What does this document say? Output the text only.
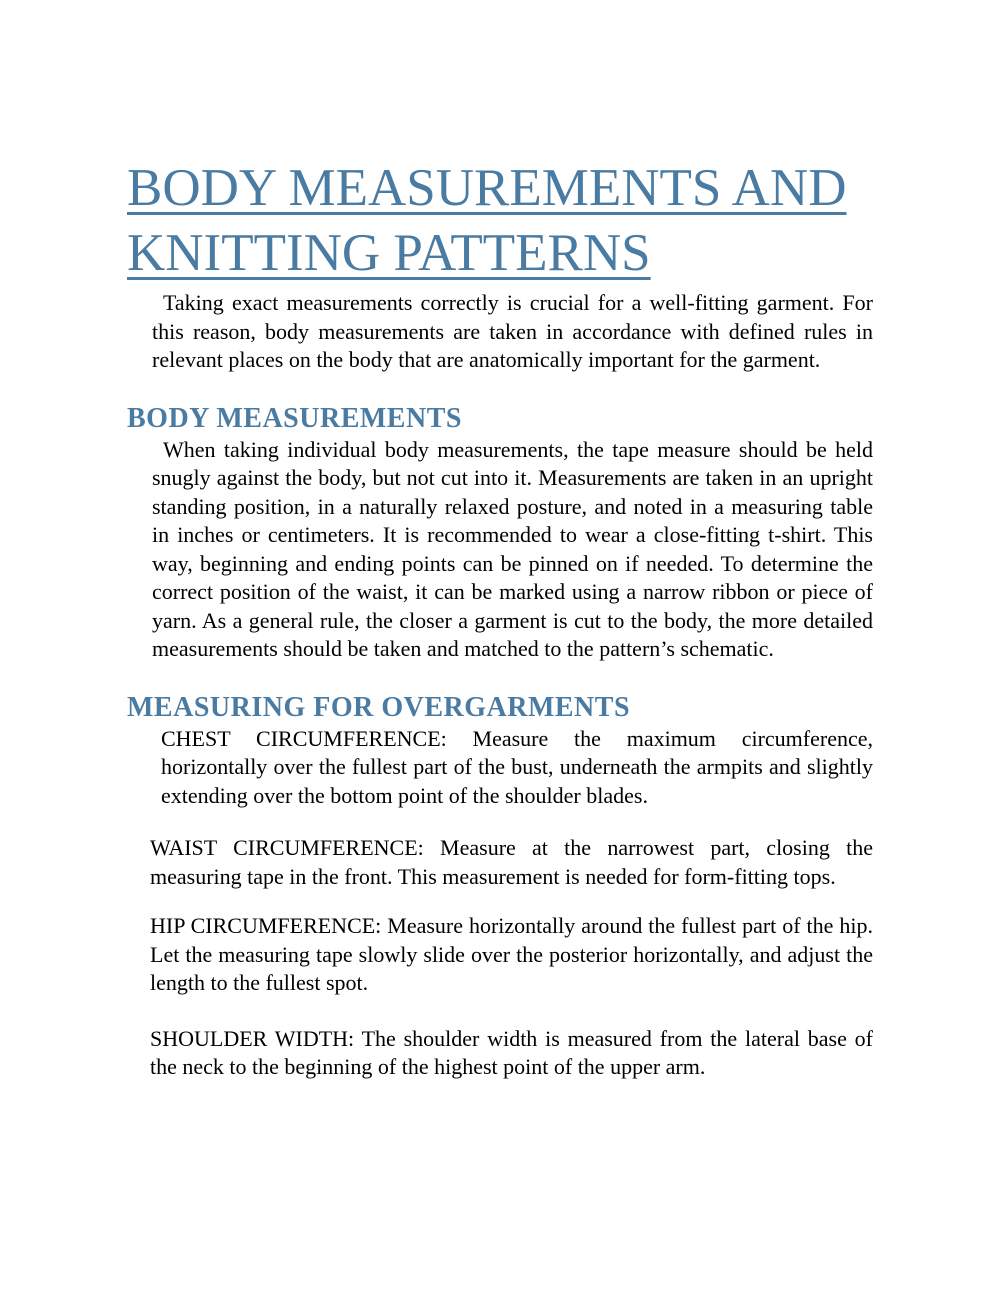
BODY MEASUREMENTS AND KNITTING PATTERNS

Taking exact measurements correctly is crucial for a well-fitting garment. For this reason, body measurements are taken in accordance with defined rules in relevant places on the body that are anatomically important for the garment.

BODY MEASUREMENTS

When taking individual body measurements, the tape measure should be held snugly against the body, but not cut into it. Measurements are taken in an upright standing position, in a naturally relaxed posture, and noted in a measuring table in inches or centimeters. It is recommended to wear a close-fitting t-shirt. This way, beginning and ending points can be pinned on if needed. To determine the correct position of the waist, it can be marked using a narrow ribbon or piece of yarn. As a general rule, the closer a garment is cut to the body, the more detailed measurements should be taken and matched to the pattern’s schematic.

MEASURING FOR OVERGARMENTS

CHEST CIRCUMFERENCE: Measure the maximum circumference, horizontally over the fullest part of the bust, underneath the armpits and slightly extending over the bottom point of the shoulder blades.

WAIST CIRCUMFERENCE: Measure at the narrowest part, closing the measuring tape in the front. This measurement is needed for form-fitting tops.

HIP CIRCUMFERENCE: Measure horizontally around the fullest part of the hip. Let the measuring tape slowly slide over the posterior horizontally, and adjust the length to the fullest spot.

SHOULDER WIDTH: The shoulder width is measured from the lateral base of the neck to the beginning of the highest point of the upper arm.
